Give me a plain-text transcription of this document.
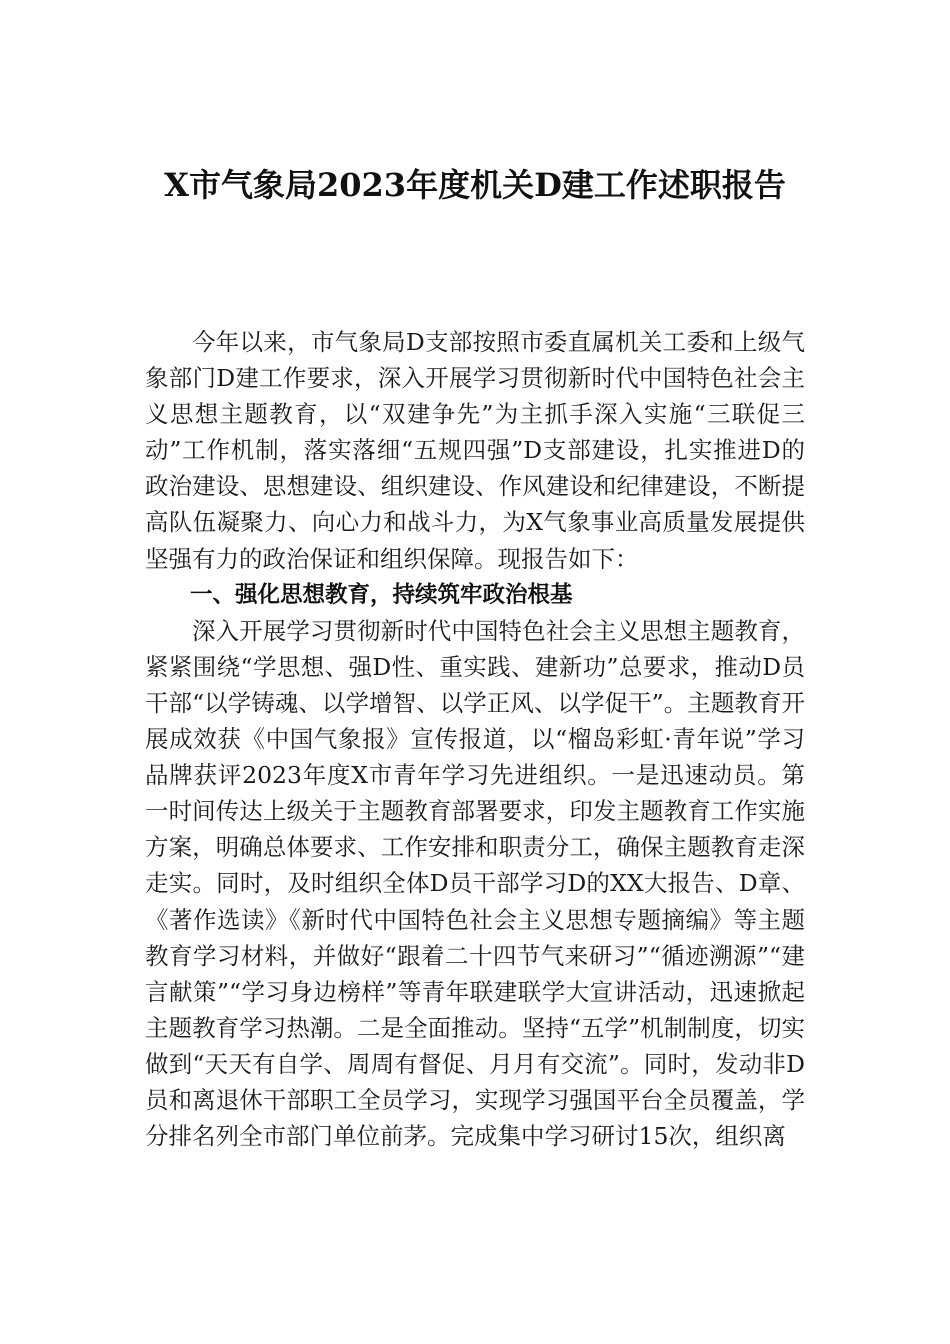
X市气象局2023年度机关D建工作述职报告

今年以来，市气象局D支部按照市委直属机关工委和上级气象部门D建工作要求，深入开展学习贯彻新时代中国特色社会主义思想主题教育，以“双建争先”为主抓手深入实施“三联促三动”工作机制，落实落细“五规四强”D支部建设，扎实推进D的政治建设、思想建设、组织建设、作风建设和纪律建设，不断提高队伍凝聚力、向心力和战斗力，为X气象事业高质量发展提供坚强有力的政治保证和组织保障。现报告如下：

一、强化思想教育，持续筑牢政治根基

深入开展学习贯彻新时代中国特色社会主义思想主题教育，紧紧围绕“学思想、强D性、重实践、建新功”总要求，推动D员干部“以学铸魂、以学增智、以学正风、以学促干”。主题教育开展成效获《中国气象报》宣传报道，以“榴岛彩虹·青年说”学习品牌获评2023年度X市青年学习先进组织。一是迅速动员。第一时间传达上级关于主题教育部署要求，印发主题教育工作实施方案，明确总体要求、工作安排和职责分工，确保主题教育走深走实。同时，及时组织全体D员干部学习D的XX大报告、D章、《著作选读》《新时代中国特色社会主义思想专题摘编》等主题教育学习材料，并做好“跟着二十四节气来研习”“循迹溯源”“建言献策”“学习身边榜样”等青年联建联学大宣讲活动，迅速掀起主题教育学习热潮。二是全面推动。坚持“五学”机制制度，切实做到“天天有自学、周周有督促、月月有交流”。同时，发动非D员和离退休干部职工全员学习，实现学习强国平台全员覆盖，学分排名列全市部门单位前茅。完成集中学习研讨15次，组织离
